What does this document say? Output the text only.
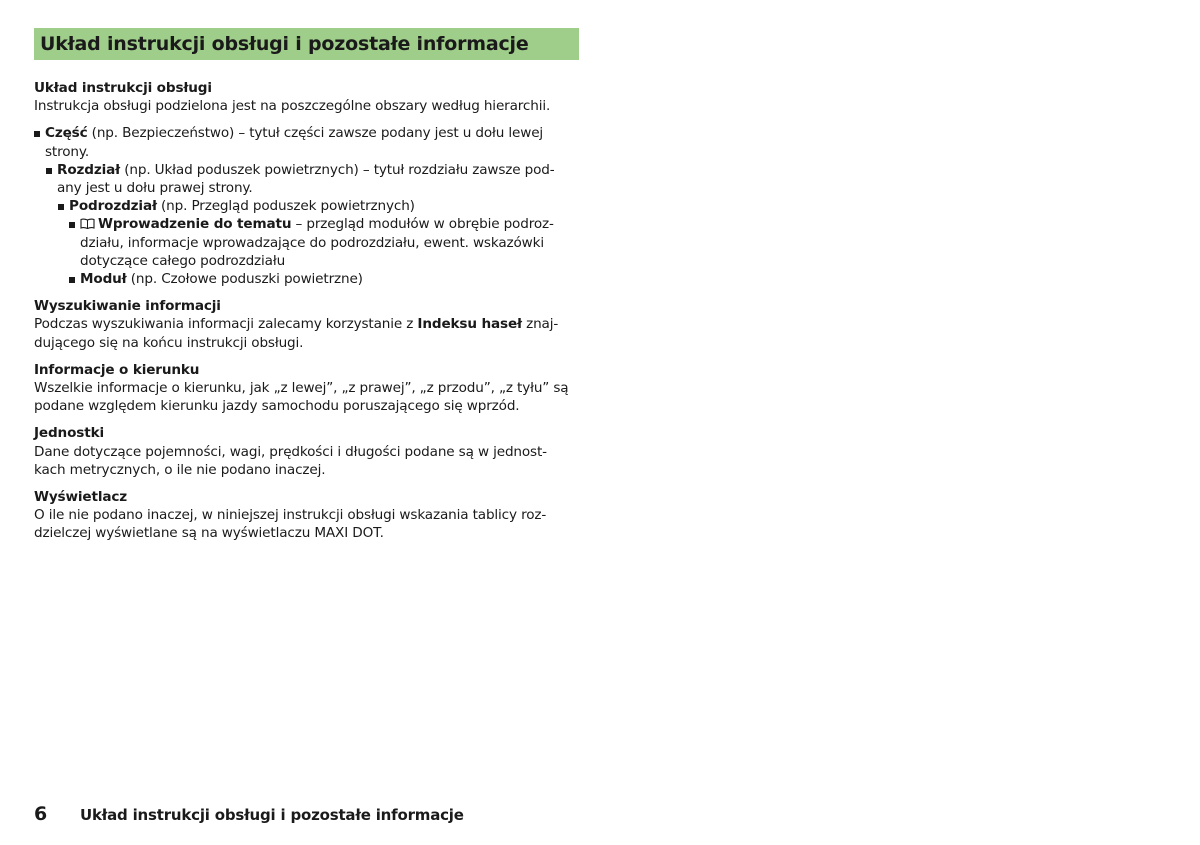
Układ instrukcji obsługi i pozostałe informacje
Układ instrukcji obsługi

Instrukcja obsługi podzielona jest na poszczególne obszary według hierarchii.

Część (np. Bezpieczeństwo) – tytuł części zawsze podany jest u dołu lewej
strony.
Rozdział (np. Układ poduszek powietrznych) – tytuł rozdziału zawsze pod-
any jest u dołu prawej strony.
Podrozdział (np. Przegląd poduszek powietrznych)
Wprowadzenie do tematu – przegląd modułów w obrębie podroz-
działu, informacje wprowadzające do podrozdziału, ewent. wskazówki
dotyczące całego podrozdziału
Moduł (np. Czołowe poduszki powietrzne)
Wyszukiwanie informacji

Podczas wyszukiwania informacji zalecamy korzystanie z Indeksu haseł znaj-
dującego się na końcu instrukcji obsługi.

Informacje o kierunku

Wszelkie informacje o kierunku, jak „z lewej”, „z prawej”, „z przodu”, „z tyłu” są
podane względem kierunku jazdy samochodu poruszającego się wprzód.

Jednostki

Dane dotyczące pojemności, wagi, prędkości i długości podane są w jednost-
kach metrycznych, o ile nie podano inaczej.

Wyświetlacz

O ile nie podano inaczej, w niniejszej instrukcji obsługi wskazania tablicy roz-
dzielczej wyświetlane są na wyświetlaczu MAXI DOT.

6	Układ instrukcji obsługi i pozostałe informacje
